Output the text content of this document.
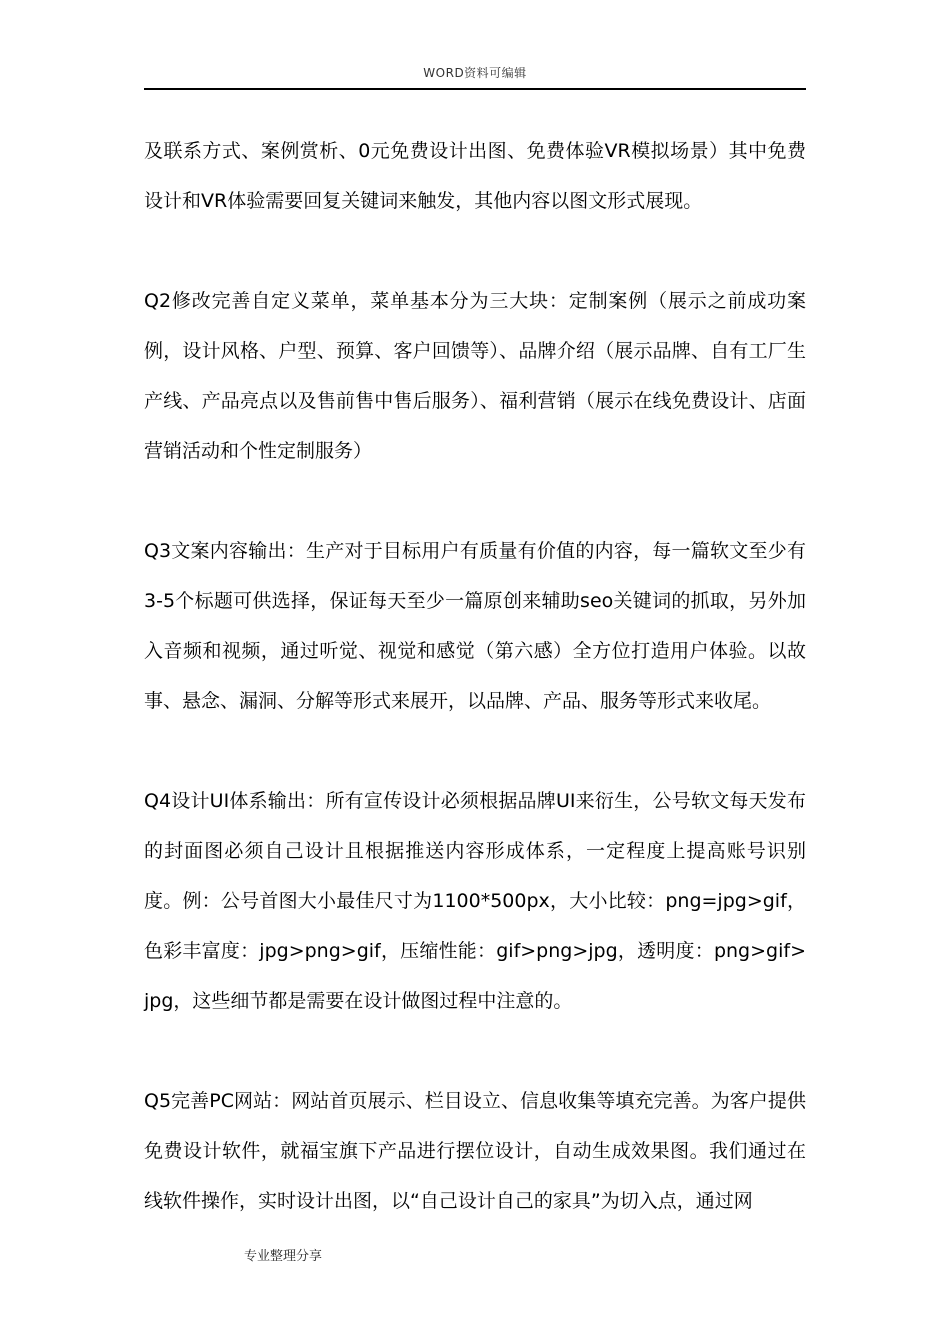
WORD资料可编辑

及联系方式、案例赏析、0元免费设计出图、免费体验VR模拟场景）其中免费设计和VR体验需要回复关键词来触发，其他内容以图文形式展现。

Q2修改完善自定义菜单，菜单基本分为三大块：定制案例（展示之前成功案例，设计风格、户型、预算、客户回馈等）、品牌介绍（展示品牌、自有工厂生产线、产品亮点以及售前售中售后服务）、福利营销（展示在线免费设计、店面营销活动和个性定制服务）

Q3文案内容输出：生产对于目标用户有质量有价值的内容，每一篇软文至少有3-5个标题可供选择，保证每天至少一篇原创来辅助seo关键词的抓取，另外加入音频和视频，通过听觉、视觉和感觉（第六感）全方位打造用户体验。以故事、悬念、漏洞、分解等形式来展开，以品牌、产品、服务等形式来收尾。

Q4设计UI体系输出：所有宣传设计必须根据品牌UI来衍生，公号软文每天发布的封面图必须自己设计且根据推送内容形成体系，一定程度上提高账号识别度。例：公号首图大小最佳尺寸为1100*500px，大小比较：png=jpg>gif，色彩丰富度：jpg>png>gif，压缩性能：gif>png>jpg，透明度：png>gif>jpg，这些细节都是需要在设计做图过程中注意的。

Q5完善PC网站：网站首页展示、栏目设立、信息收集等填充完善。为客户提供免费设计软件，就福宝旗下产品进行摆位设计，自动生成效果图。我们通过在线软件操作，实时设计出图，以“自己设计自己的家具”为切入点，通过网

专业整理分享
